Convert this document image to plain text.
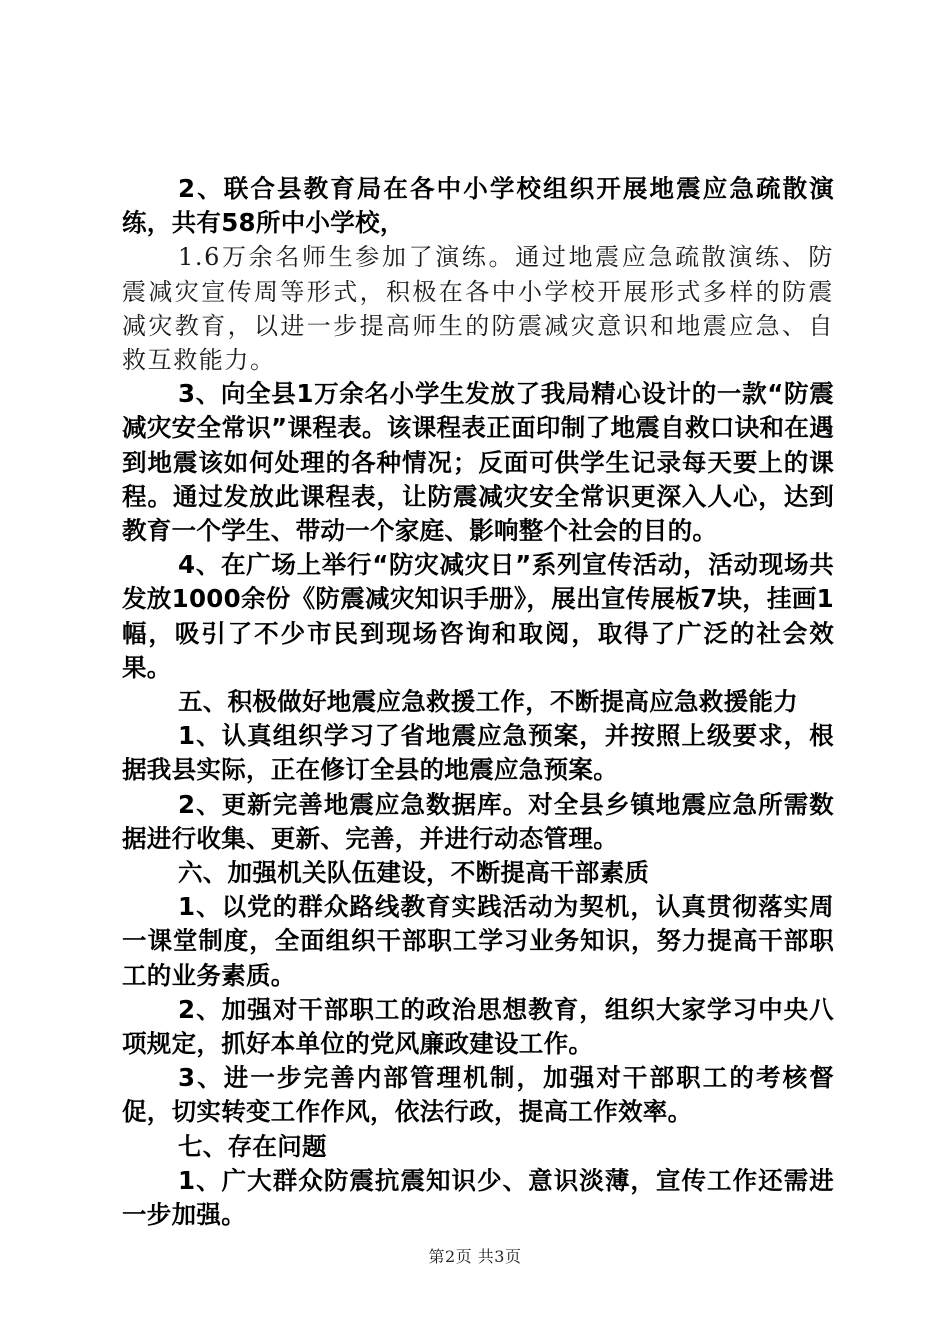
2、联合县教育局在各中小学校组织开展地震应急疏散演练，共有58所中小学校，

1.6万余名师生参加了演练。通过地震应急疏散演练、防震减灾宣传周等形式，积极在各中小学校开展形式多样的防震减灾教育，以进一步提高师生的防震减灾意识和地震应急、自救互救能力。

3、向全县1万余名小学生发放了我局精心设计的一款“防震减灾安全常识”课程表。该课程表正面印制了地震自救口诀和在遇到地震该如何处理的各种情况；反面可供学生记录每天要上的课程。通过发放此课程表，让防震减灾安全常识更深入人心，达到教育一个学生、带动一个家庭、影响整个社会的目的。

4、在广场上举行“防灾减灾日”系列宣传活动，活动现场共发放1000余份《防震减灾知识手册》，展出宣传展板7块，挂画1幅，吸引了不少市民到现场咨询和取阅，取得了广泛的社会效果。

五、积极做好地震应急救援工作，不断提高应急救援能力

1、认真组织学习了省地震应急预案，并按照上级要求，根据我县实际，正在修订全县的地震应急预案。

2、更新完善地震应急数据库。对全县乡镇地震应急所需数据进行收集、更新、完善，并进行动态管理。

六、加强机关队伍建设，不断提高干部素质

1、以党的群众路线教育实践活动为契机，认真贯彻落实周一课堂制度，全面组织干部职工学习业务知识，努力提高干部职工的业务素质。

2、加强对干部职工的政治思想教育，组织大家学习中央八项规定，抓好本单位的党风廉政建设工作。

3、进一步完善内部管理机制，加强对干部职工的考核督促，切实转变工作作风，依法行政，提高工作效率。

七、存在问题

1、广大群众防震抗震知识少、意识淡薄，宣传工作还需进一步加强。

第2页 共3页
